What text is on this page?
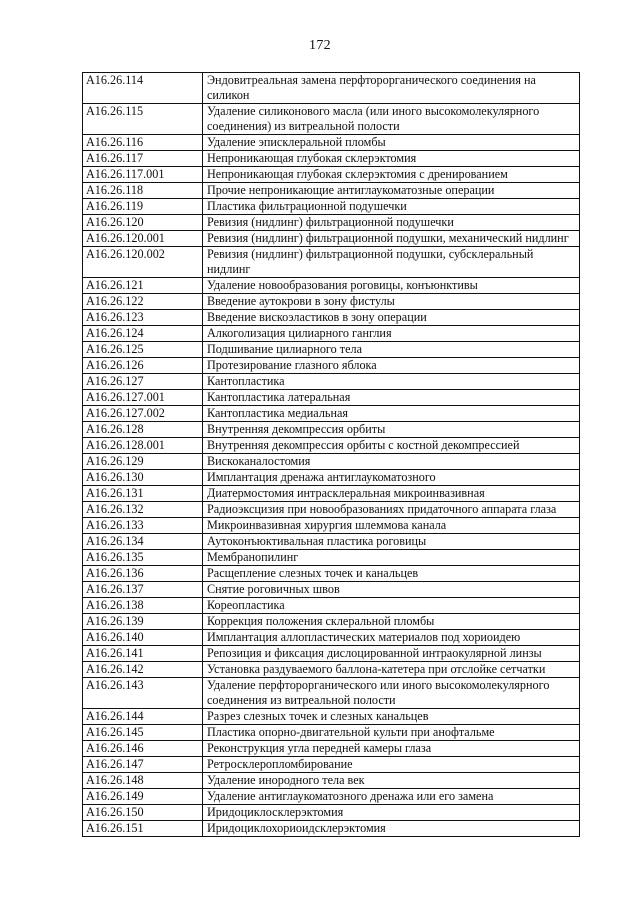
172
A16.26.114	Эндовитреальная замена перфторорганического соединения на силикон
A16.26.115	Удаление силиконового масла (или иного высокомолекулярного соединения) из витреальной полости
A16.26.116	Удаление эписклеральной пломбы
A16.26.117	Непроникающая глубокая склерэктомия
A16.26.117.001	Непроникающая глубокая склерэктомия с дренированием
A16.26.118	Прочие непроникающие антиглаукоматозные операции
A16.26.119	Пластика фильтрационной подушечки
A16.26.120	Ревизия (нидлинг) фильтрационной подушечки
A16.26.120.001	Ревизия (нидлинг) фильтрационной подушки, механический нидлинг
A16.26.120.002	Ревизия (нидлинг) фильтрационной подушки, субсклеральный нидлинг
A16.26.121	Удаление новообразования роговицы, конъюнктивы
A16.26.122	Введение аутокрови в зону фистулы
A16.26.123	Введение вискоэластиков в зону операции
A16.26.124	Алкоголизация цилиарного ганглия
A16.26.125	Подшивание цилиарного тела
A16.26.126	Протезирование глазного яблока
A16.26.127	Кантопластика
A16.26.127.001	Кантопластика латеральная
A16.26.127.002	Кантопластика медиальная
A16.26.128	Внутренняя декомпрессия орбиты
A16.26.128.001	Внутренняя декомпрессия орбиты с костной декомпрессией
A16.26.129	Вискоканалостомия
A16.26.130	Имплантация дренажа антиглаукоматозного
A16.26.131	Диатермостомия интрасклеральная микроинвазивная
A16.26.132	Радиоэксцизия при новообразованиях придаточного аппарата глаза
A16.26.133	Микроинвазивная хирургия шлеммова канала
A16.26.134	Аутоконъюктивальная пластика роговицы
A16.26.135	Мембранопилинг
A16.26.136	Расщепление слезных точек и канальцев
A16.26.137	Снятие роговичных швов
A16.26.138	Кореопластика
A16.26.139	Коррекция положения склеральной пломбы
A16.26.140	Имплантация аллопластических материалов под хориоидею
A16.26.141	Репозиция и фиксация дислоцированной интраокулярной линзы
A16.26.142	Установка раздуваемого баллона-катетера при отслойке сетчатки
A16.26.143	Удаление перфторорганического или иного высокомолекулярного соединения из витреальной полости
A16.26.144	Разрез слезных точек и слезных канальцев
A16.26.145	Пластика опорно-двигательной культи при анофтальме
A16.26.146	Реконструкция угла передней камеры глаза
A16.26.147	Ретросклеропломбирование
A16.26.148	Удаление инородного тела век
A16.26.149	Удаление антиглаукоматозного дренажа или его замена
A16.26.150	Иридоциклосклерэктомия
A16.26.151	Иридоциклохориоидсклерэктомия
